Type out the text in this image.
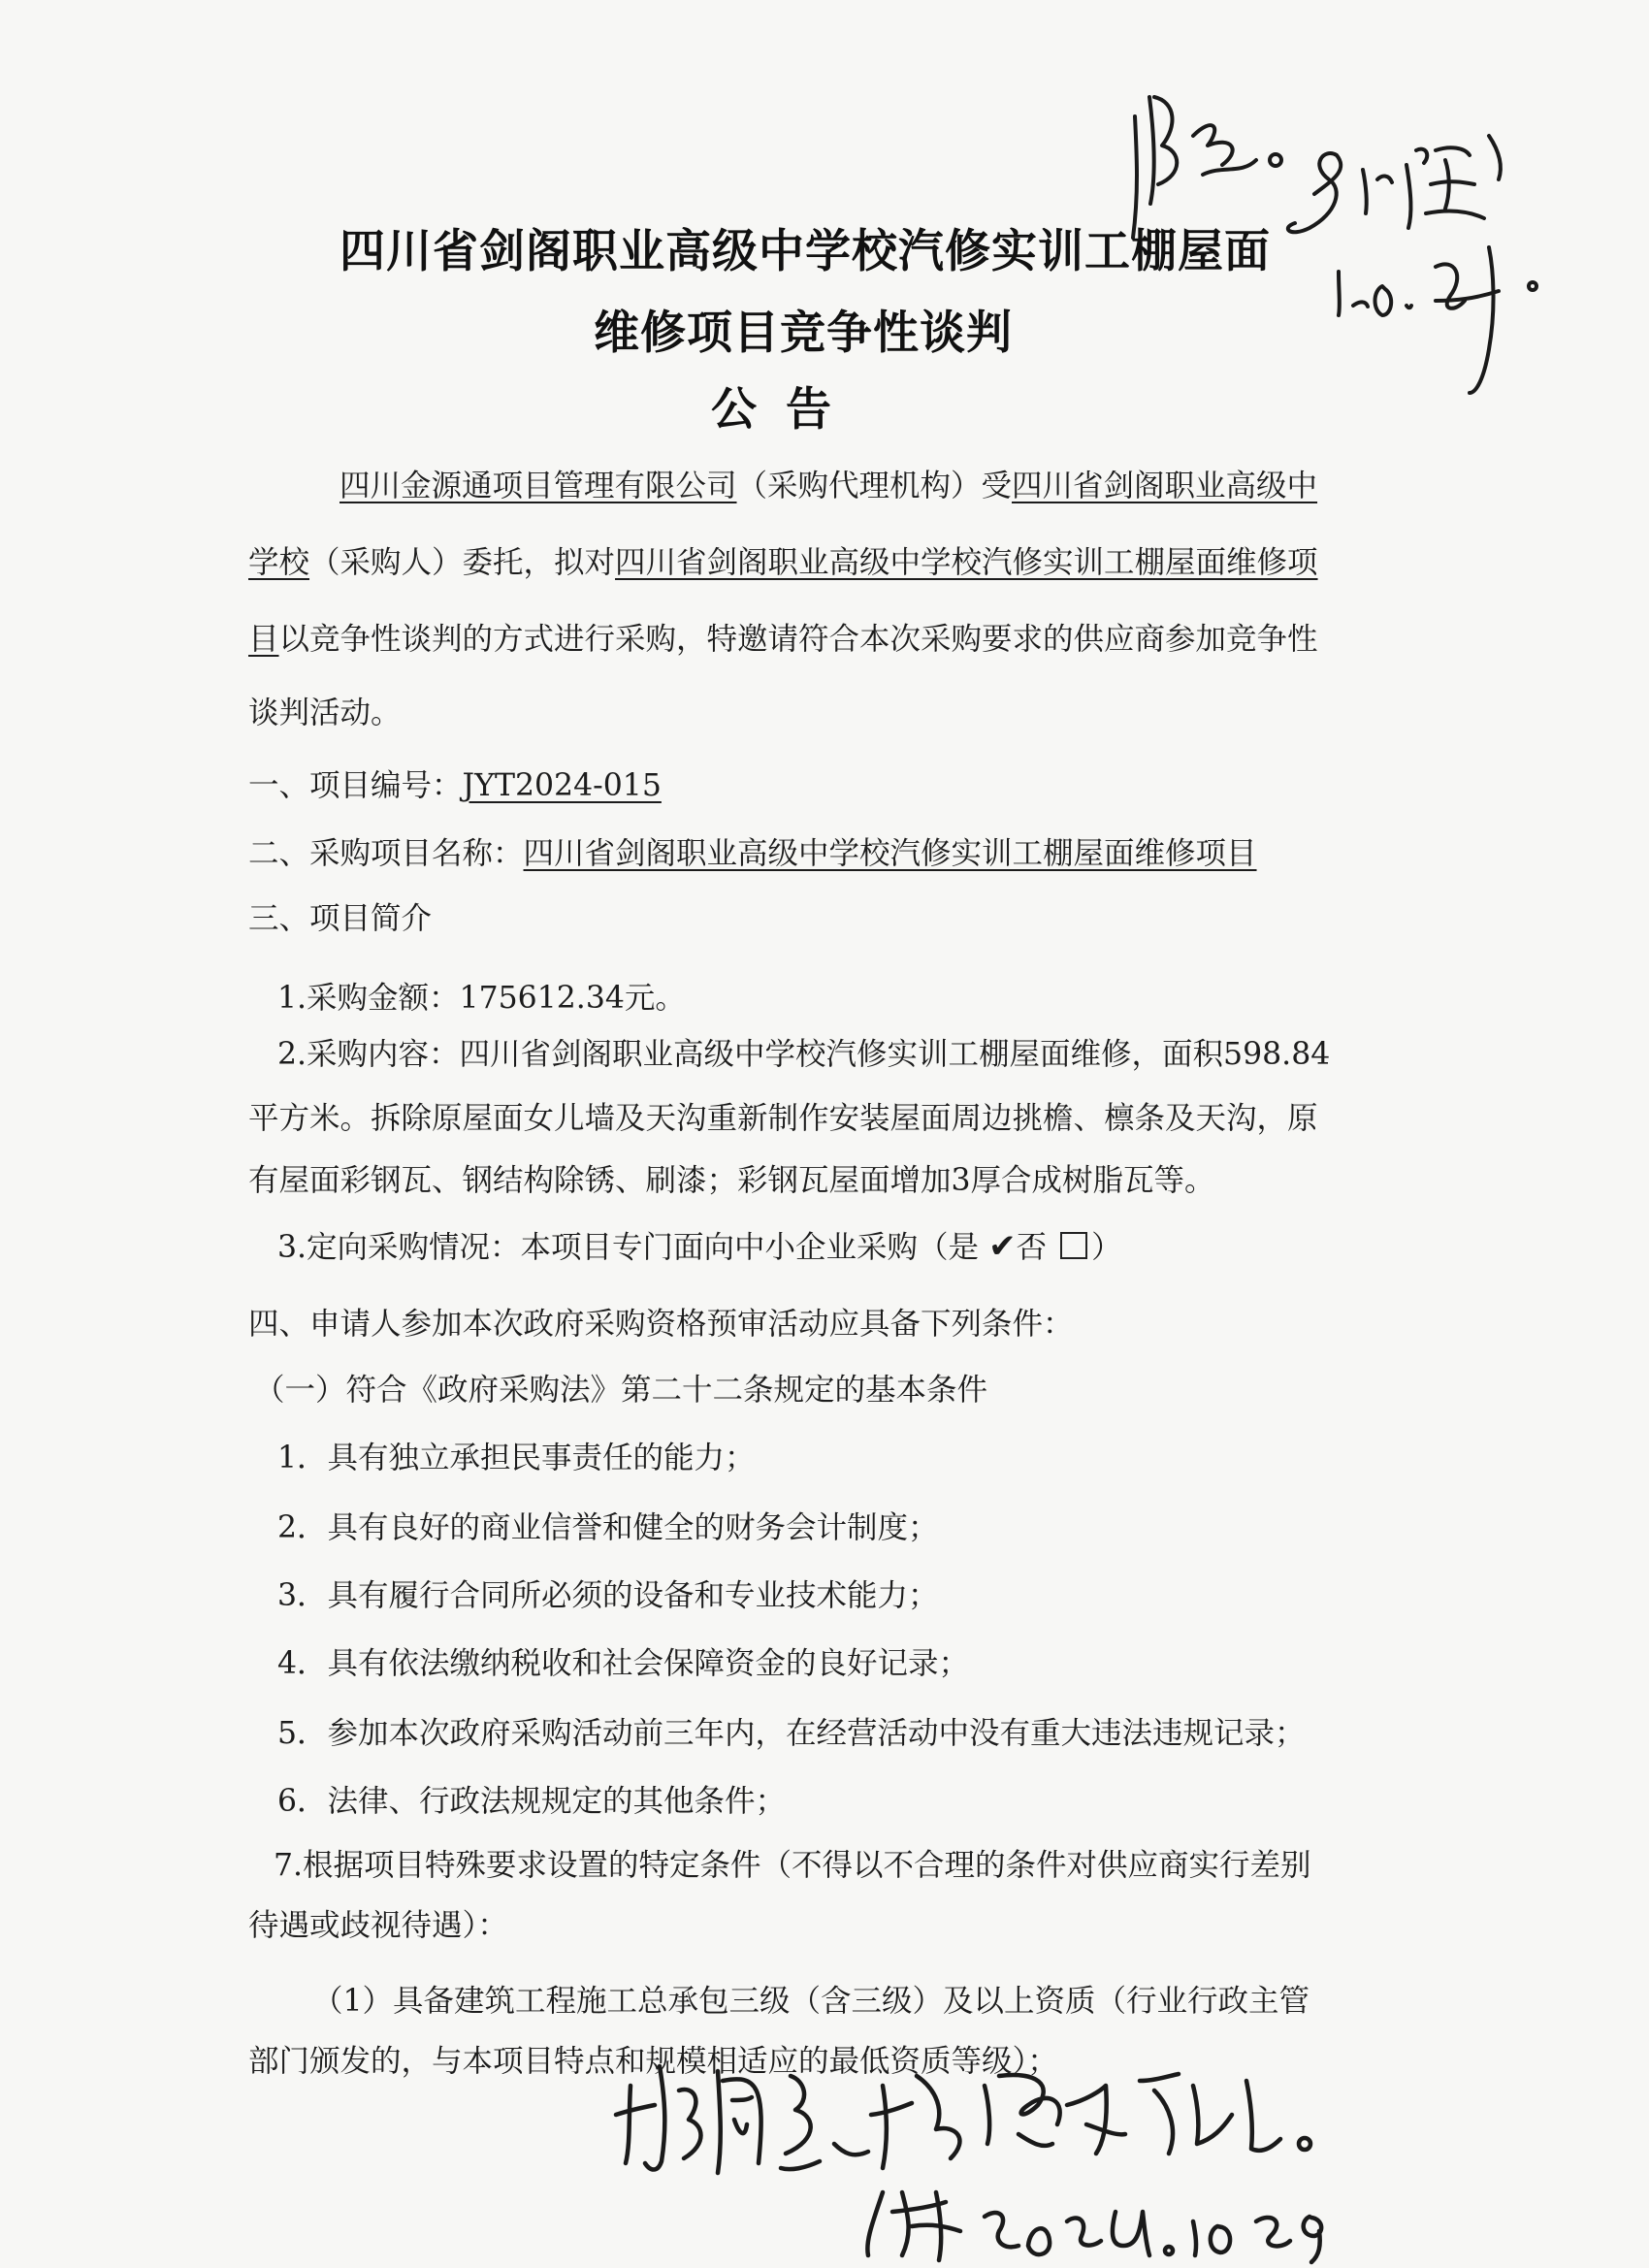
四川省剑阁职业高级中学校汽修实训工棚屋面
维修项目竞争性谈判
公告
四川金源通项目管理有限公司（采购代理机构）受四川省剑阁职业高级中
学校（采购人）委托，拟对四川省剑阁职业高级中学校汽修实训工棚屋面维修项
目以竞争性谈判的方式进行采购，特邀请符合本次采购要求的供应商参加竞争性
谈判活动。
一、项目编号：JYT2024-015
二、采购项目名称：四川省剑阁职业高级中学校汽修实训工棚屋面维修项目
三、项目简介
1.采购金额：175612.34元。
2.采购内容：四川省剑阁职业高级中学校汽修实训工棚屋面维修，面积598.84
平方米。拆除原屋面女儿墙及天沟重新制作安装屋面周边挑檐、檩条及天沟，原
有屋面彩钢瓦、钢结构除锈、刷漆；彩钢瓦屋面增加3厚合成树脂瓦等。
3.定向采购情况：本项目专门面向中小企业采购（是 ✔否 ）
四、申请人参加本次政府采购资格预审活动应具备下列条件：
（一）符合《政府采购法》第二十二条规定的基本条件
1．具有独立承担民事责任的能力；
2．具有良好的商业信誉和健全的财务会计制度；
3．具有履行合同所必须的设备和专业技术能力；
4．具有依法缴纳税收和社会保障资金的良好记录；
5．参加本次政府采购活动前三年内，在经营活动中没有重大违法违规记录；
6．法律、行政法规规定的其他条件；
7.根据项目特殊要求设置的特定条件（不得以不合理的条件对供应商实行差别
待遇或歧视待遇）：
（1）具备建筑工程施工总承包三级（含三级）及以上资质（行业行政主管
部门颁发的，与本项目特点和规模相适应的最低资质等级）；
